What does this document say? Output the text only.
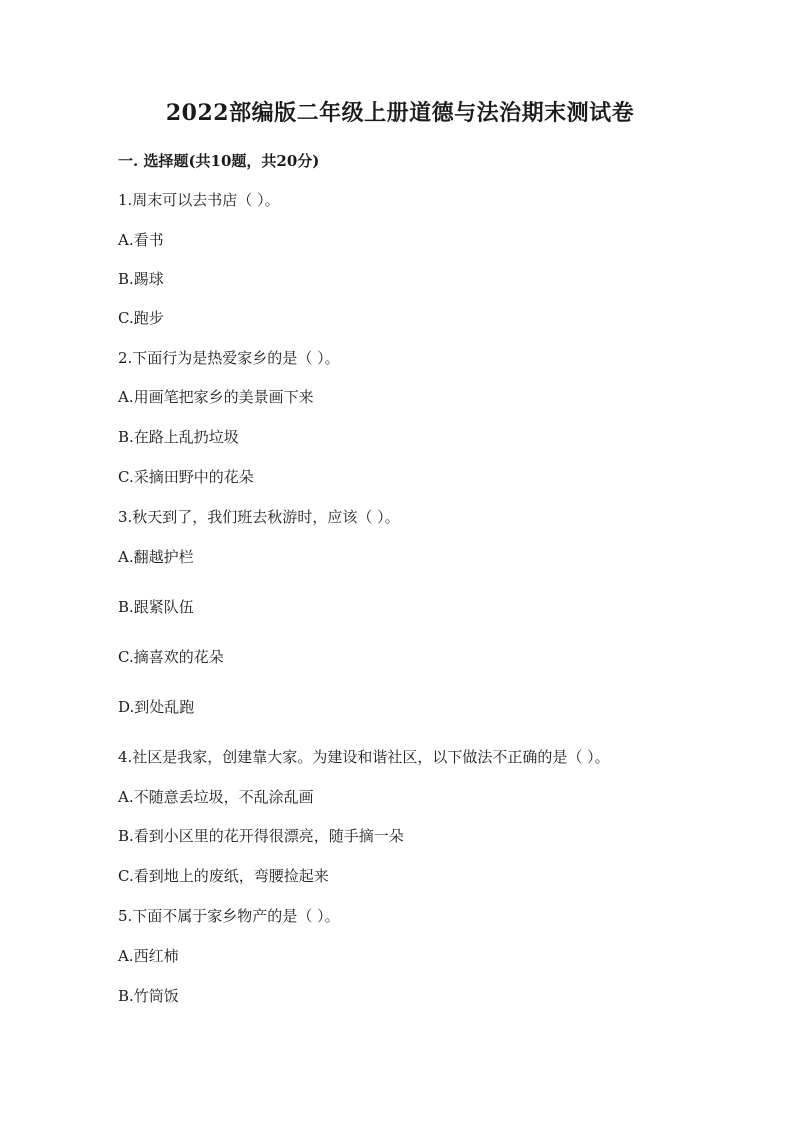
2022部编版二年级上册道德与法治期末测试卷
一. 选择题(共10题，共20分)
1.周末可以去书店（ ）。
A.看书
B.踢球
C.跑步
2.下面行为是热爱家乡的是（ ）。
A.用画笔把家乡的美景画下来
B.在路上乱扔垃圾
C.采摘田野中的花朵
3.秋天到了，我们班去秋游时，应该（ ）。
A.翻越护栏
B.跟紧队伍
C.摘喜欢的花朵
D.到处乱跑
4.社区是我家，创建靠大家。为建设和谐社区，以下做法不正确的是（ ）。
A.不随意丢垃圾，不乱涂乱画
B.看到小区里的花开得很漂亮，随手摘一朵
C.看到地上的废纸，弯腰捡起来
5.下面不属于家乡物产的是（ ）。
A.西红柿
B.竹筒饭
